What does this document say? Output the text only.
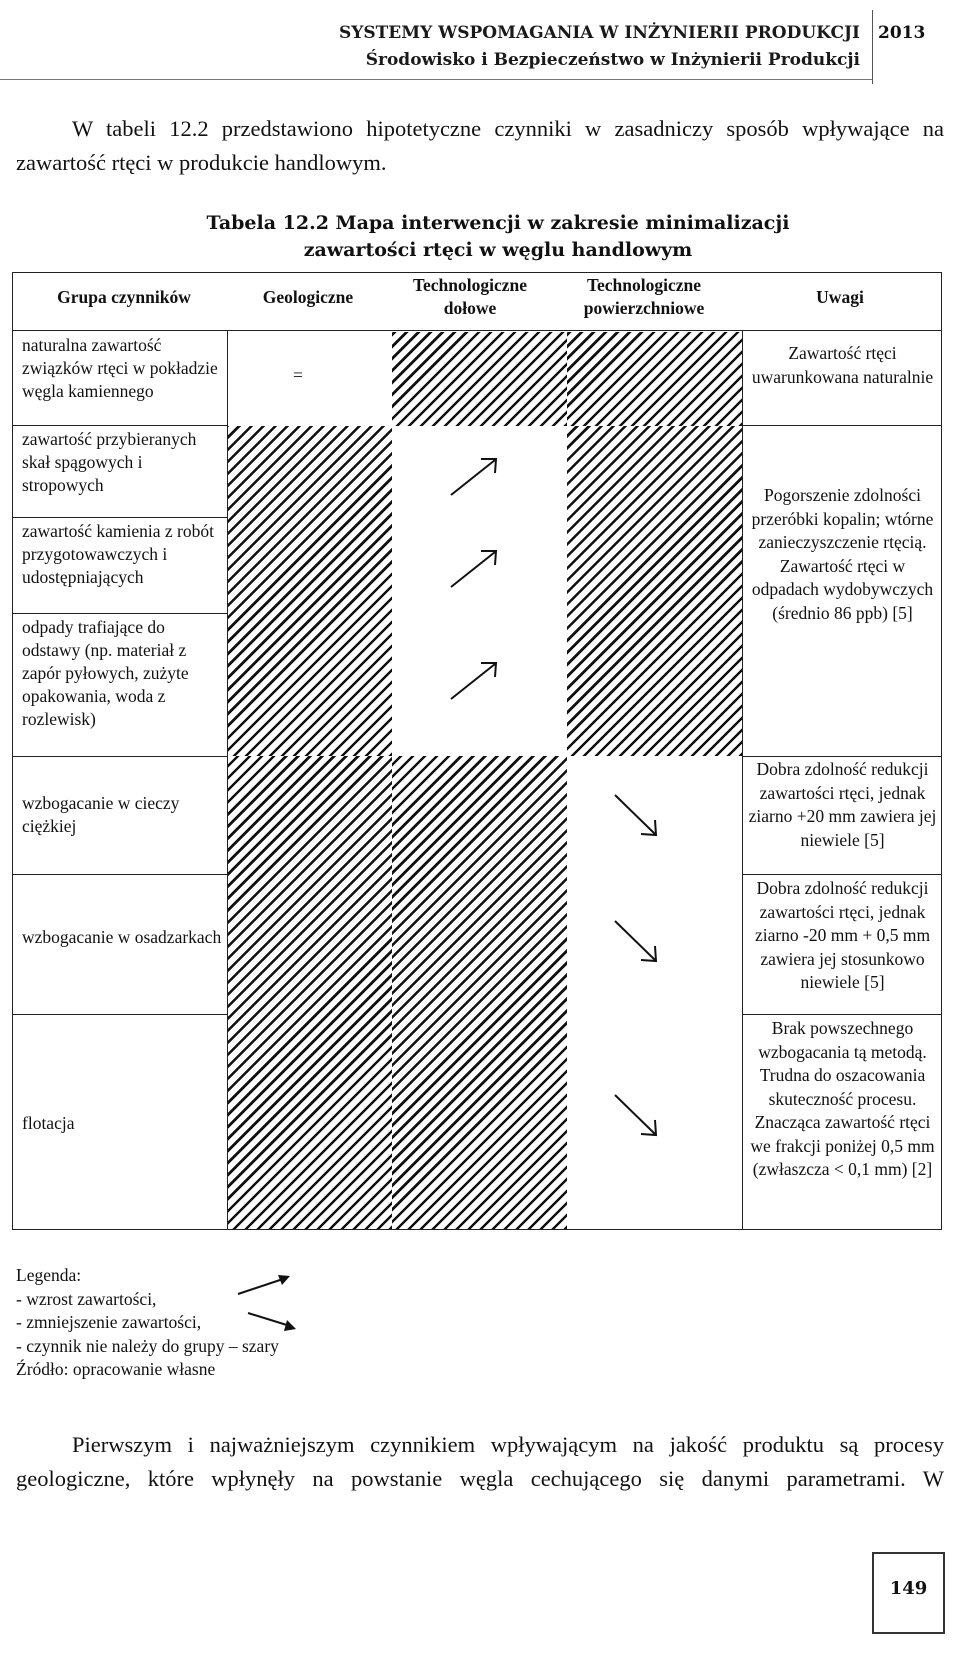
SYSTEMY WSPOMAGANIA W INŻYNIERII PRODUKCJI
Środowisko i Bezpieczeństwo w Inżynierii Produkcji
2013
W tabeli 12.2 przedstawiono hipotetyczne czynniki w zasadniczy sposób wpływające na zawartość rtęci w produkcie handlowym.
Tabela 12.2 Mapa interwencji w zakresie minimalizacji
zawartości rtęci w węglu handlowym
Grupa czynników	Geologiczne
Technologiczne dołowe
Technologiczne powierzchniowe
Uwagi
naturalna zawartość związków rtęci w pokładzie węgla kamiennego
zawartość przybieranych skał spągowych i stropowych
zawartość kamienia z robót przygotowawczych i udostępniających
odpady trafiające do odstawy (np. materiał z zapór pyłowych, zużyte opakowania, woda z rozlewisk)
wzbogacanie w cieczy ciężkiej
wzbogacanie w osadzarkach
flotacja
=
Zawartość rtęci uwarunkowana naturalnie
Pogorszenie zdolności przeróbki kopalin; wtórne zanieczyszczenie rtęcią. Zawartość rtęci w odpadach wydobywczych (średnio 86 ppb) [5]
Dobra zdolność redukcji zawartości rtęci, jednak ziarno +20 mm zawiera jej niewiele [5]
Dobra zdolność redukcji zawartości rtęci, jednak ziarno -20 mm + 0,5 mm zawiera jej stosunkowo niewiele [5]
Brak powszechnego wzbogacania tą metodą. Trudna do oszacowania skuteczność procesu. Znacząca zawartość rtęci we frakcji poniżej 0,5 mm (zwłaszcza < 0,1 mm) [2]
Legenda:
- wzrost zawartości,
- zmniejszenie zawartości,
- czynnik nie należy do grupy – szary
Źródło: opracowanie własne
Pierwszym i najważniejszym czynnikiem wpływającym na jakość produktu są procesy geologiczne, które wpłynęły na powstanie węgla cechującego się danymi parametrami. W
149
